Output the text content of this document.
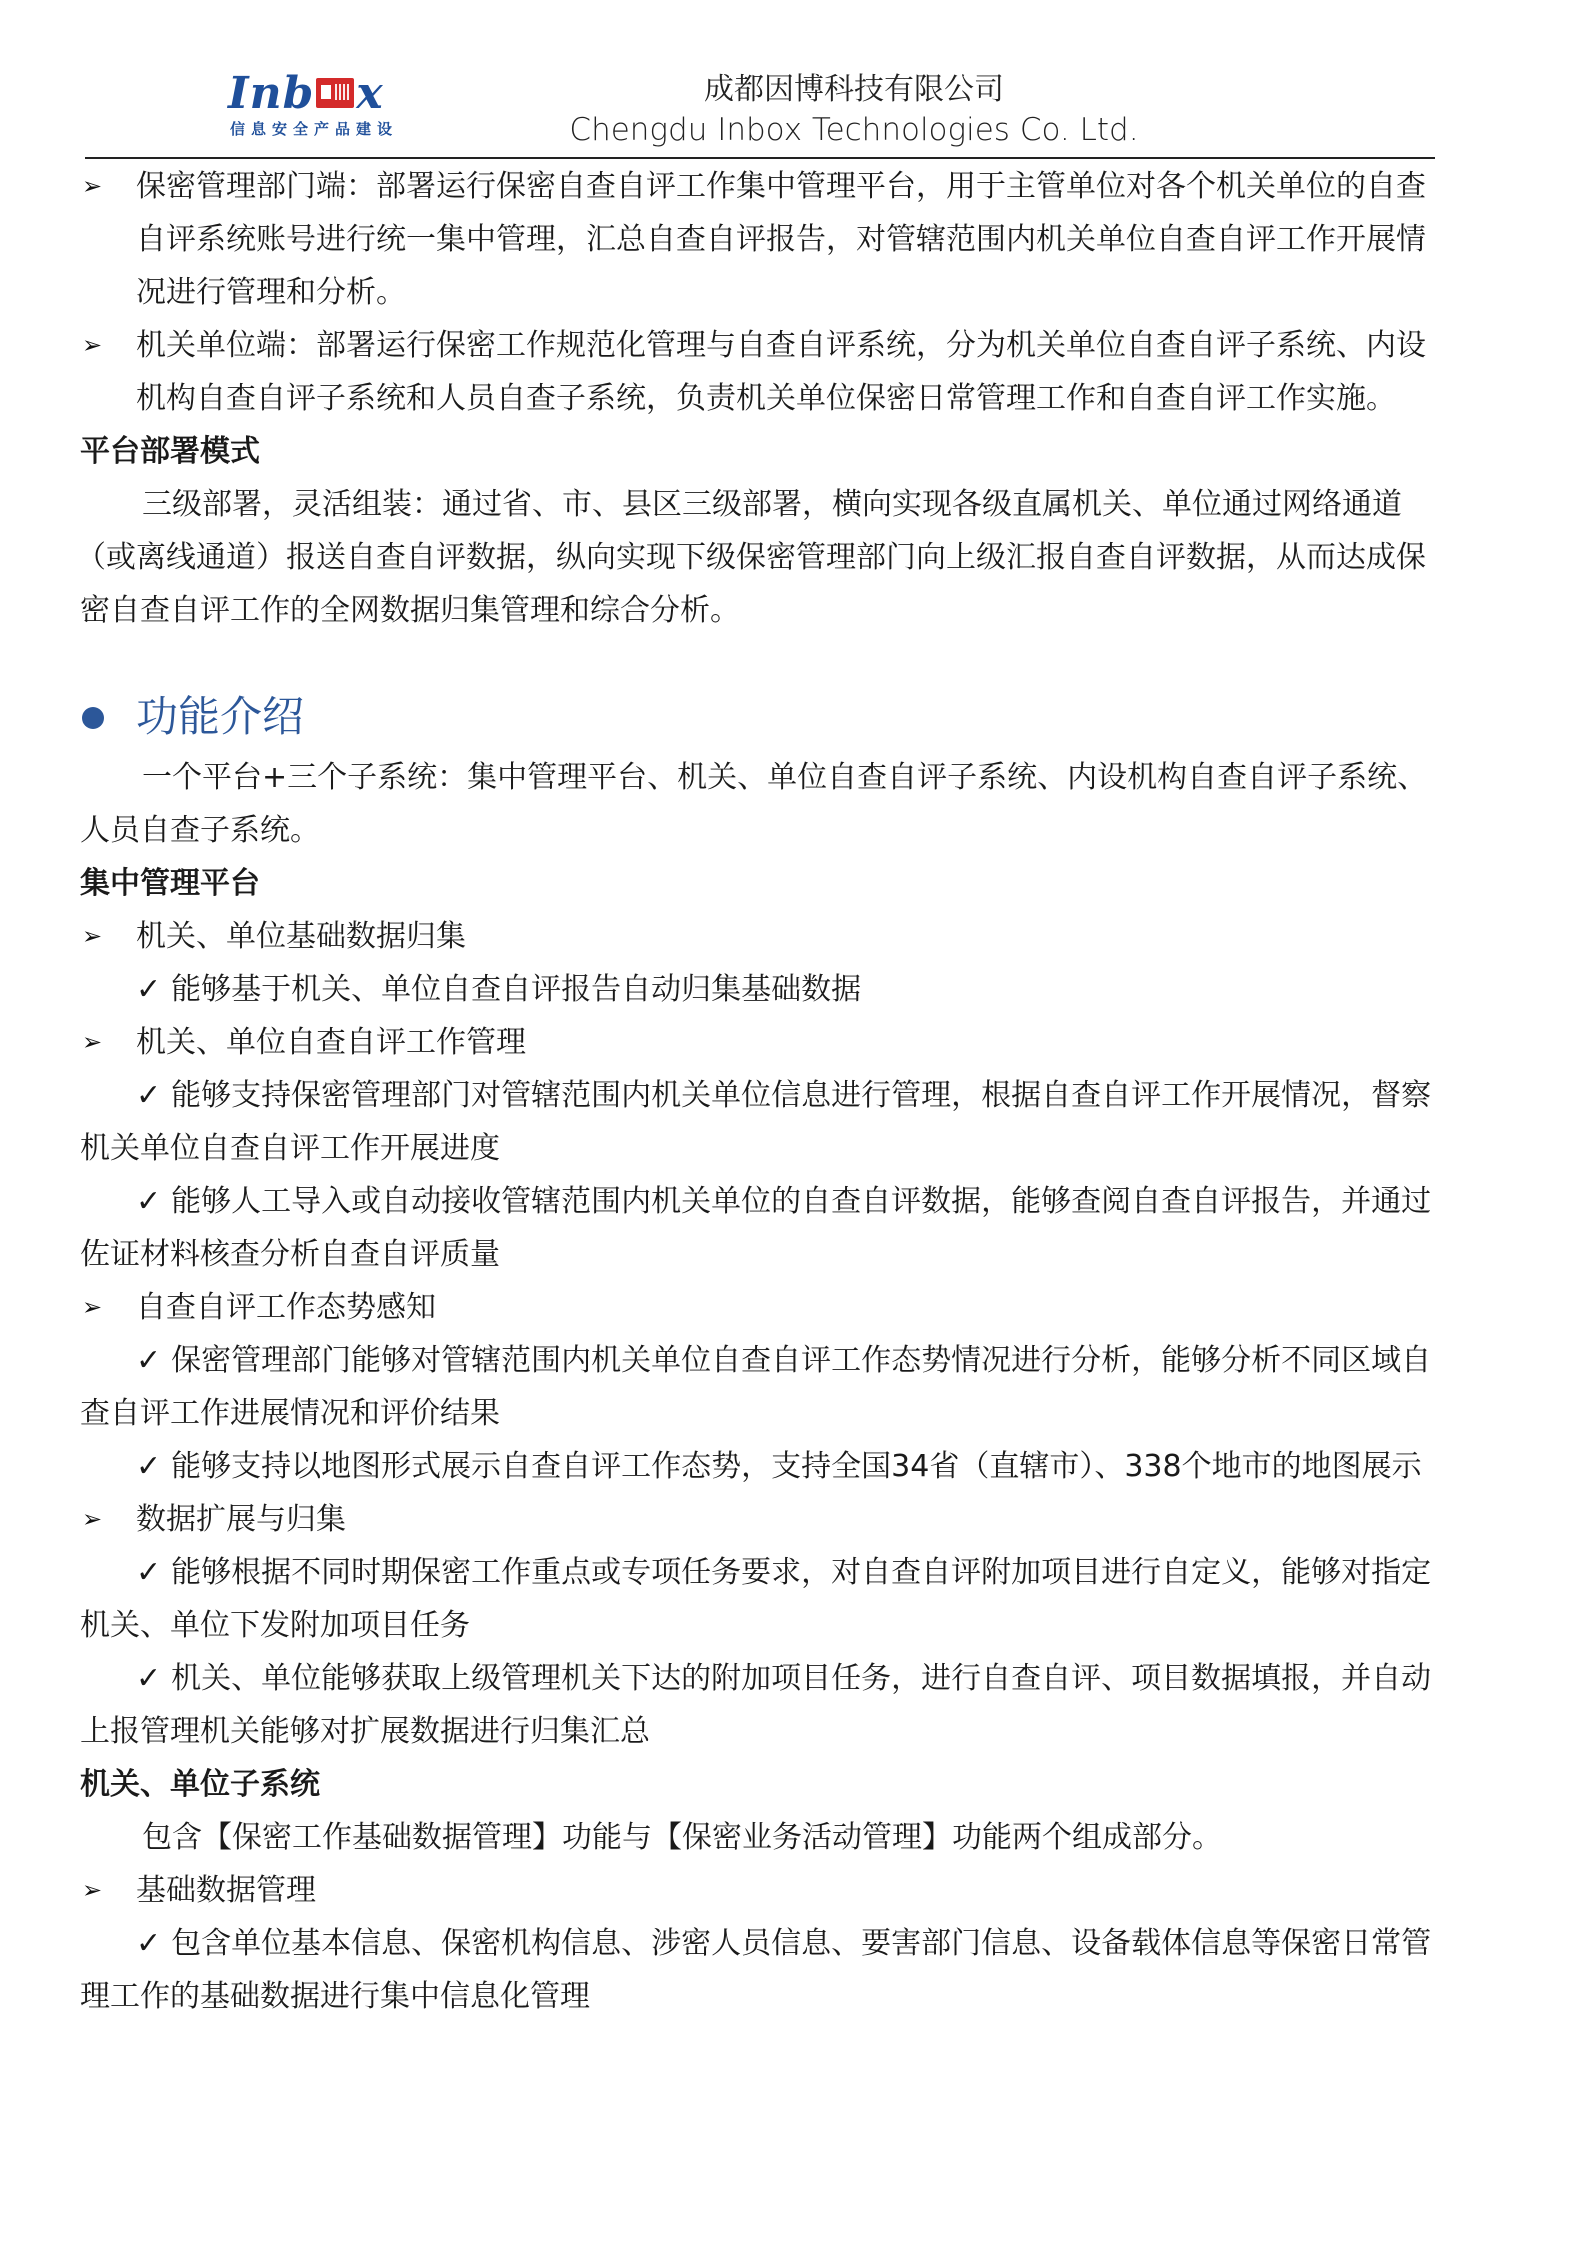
Inb x
信息安全产品建设
成都因博科技有限公司
Chengdu Inbox Technologies Co. Ltd.
➢ 保密管理部门端：部署运行保密自查自评工作集中管理平台，用于主管单位对各个机关单位的自查
自评系统账号进行统一集中管理，汇总自查自评报告，对管辖范围内机关单位自查自评工作开展情
况进行管理和分析。
➢ 机关单位端：部署运行保密工作规范化管理与自查自评系统，分为机关单位自查自评子系统、内设
机构自查自评子系统和人员自查子系统，负责机关单位保密日常管理工作和自查自评工作实施。
平台部署模式
三级部署，灵活组装：通过省、市、县区三级部署，横向实现各级直属机关、单位通过网络通道
（或离线通道）报送自查自评数据，纵向实现下级保密管理部门向上级汇报自查自评数据，从而达成保
密自查自评工作的全网数据归集管理和综合分析。
功能介绍
一个平台+三个子系统：集中管理平台、机关、单位自查自评子系统、内设机构自查自评子系统、
人员自查子系统。
集中管理平台
➢ 机关、单位基础数据归集
✓ 能够基于机关、单位自查自评报告自动归集基础数据
➢ 机关、单位自查自评工作管理
✓ 能够支持保密管理部门对管辖范围内机关单位信息进行管理，根据自查自评工作开展情况，督察
机关单位自查自评工作开展进度
✓ 能够人工导入或自动接收管辖范围内机关单位的自查自评数据，能够查阅自查自评报告，并通过
佐证材料核查分析自查自评质量
➢ 自查自评工作态势感知
✓ 保密管理部门能够对管辖范围内机关单位自查自评工作态势情况进行分析，能够分析不同区域自
查自评工作进展情况和评价结果
✓ 能够支持以地图形式展示自查自评工作态势，支持全国34省（直辖市）、338个地市的地图展示
➢ 数据扩展与归集
✓ 能够根据不同时期保密工作重点或专项任务要求，对自查自评附加项目进行自定义，能够对指定
机关、单位下发附加项目任务
✓ 机关、单位能够获取上级管理机关下达的附加项目任务，进行自查自评、项目数据填报，并自动
上报管理机关能够对扩展数据进行归集汇总
机关、单位子系统
包含【保密工作基础数据管理】功能与【保密业务活动管理】功能两个组成部分。
➢ 基础数据管理
✓ 包含单位基本信息、保密机构信息、涉密人员信息、要害部门信息、设备载体信息等保密日常管
理工作的基础数据进行集中信息化管理
